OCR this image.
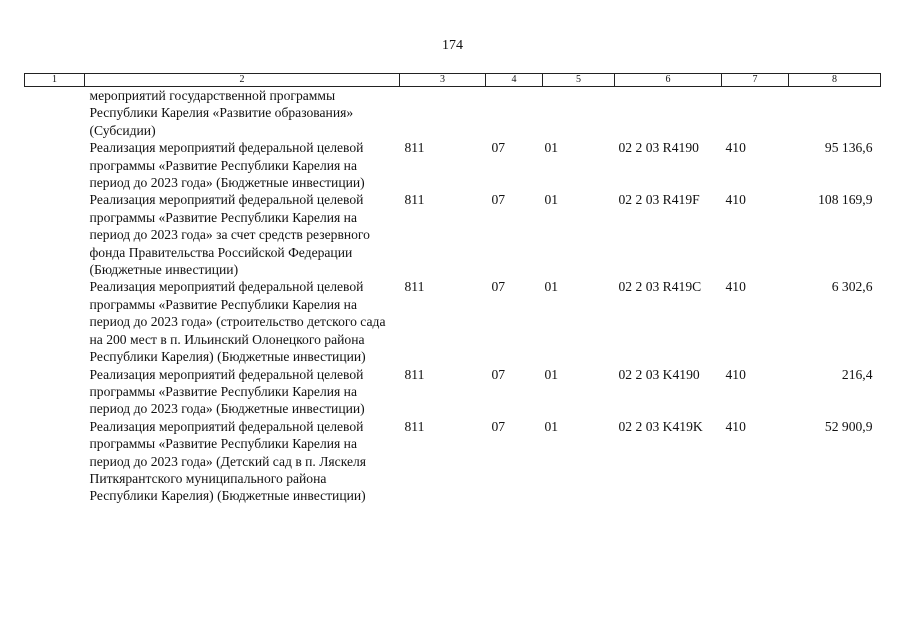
174
1	2	3	4	5	6	7	8
	мероприятий государственной программы Республики Карелия «Развитие образования» (Субсидии)						
	Реализация мероприятий федеральной целевой программы «Развитие Республики Карелия на период до 2023 года» (Бюджетные инвестиции)	811	07	01	02 2 03 R4190	410	95 136,6
	Реализация мероприятий федеральной целевой программы «Развитие Республики Карелия на период до 2023 года» за счет средств резервного фонда Правительства Российской Федерации (Бюджетные инвестиции)	811	07	01	02 2 03 R419F	410	108 169,9
	Реализация мероприятий федеральной целевой программы «Развитие Республики Карелия на период до 2023 года» (строительство детского сада на 200 мест в п. Ильинский Олонецкого района Республики Карелия) (Бюджетные инвестиции)	811	07	01	02 2 03 R419C	410	6 302,6
	Реализация мероприятий федеральной целевой программы «Развитие Республики Карелия на период до 2023 года» (Бюджетные инвестиции)	811	07	01	02 2 03 K4190	410	216,4
	Реализация мероприятий федеральной целевой программы «Развитие Республики Карелия на период до 2023 года» (Детский сад в п. Ляскеля Питкярантского муниципального района Республики Карелия) (Бюджетные инвестиции)	811	07	01	02 2 03 K419K	410	52 900,9
